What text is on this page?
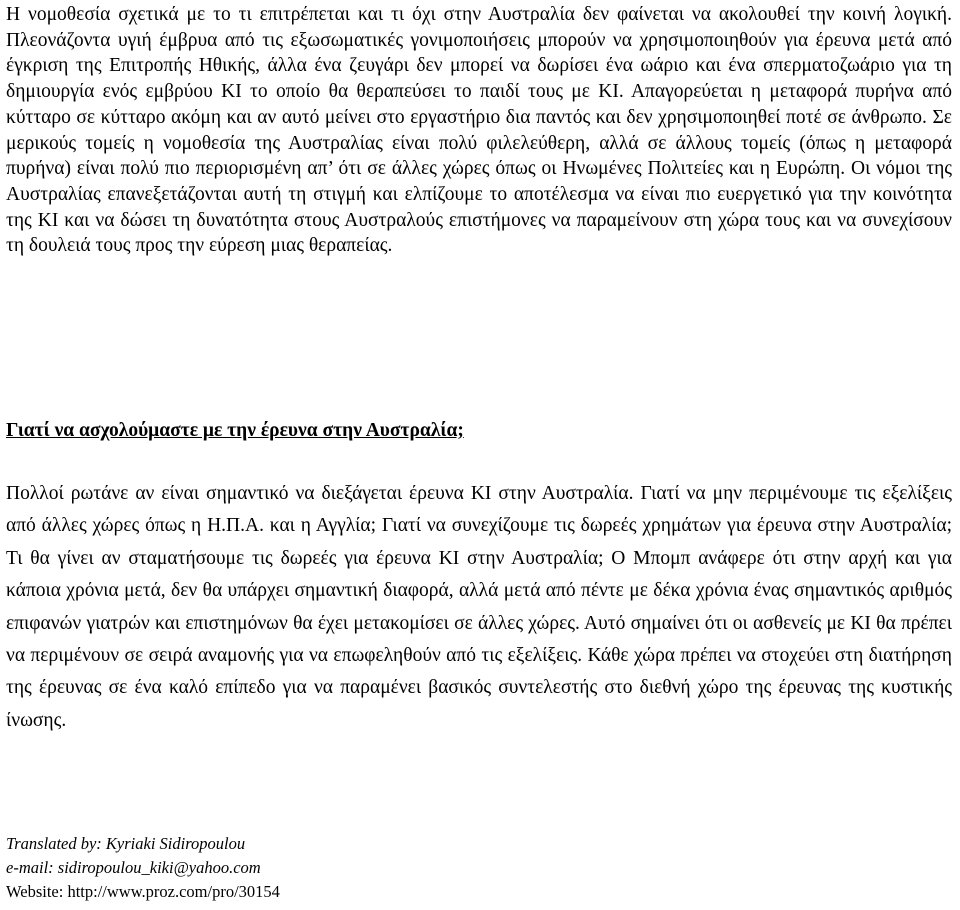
Η νομοθεσία σχετικά με το τι επιτρέπεται και τι όχι στην Αυστραλία δεν φαίνεται να ακολουθεί την κοινή λογική. Πλεονάζοντα υγιή έμβρυα από τις εξωσωματικές γονιμοποιήσεις μπορούν να χρησιμοποιηθούν για έρευνα μετά από έγκριση της Επιτροπής Ηθικής, άλλα ένα ζευγάρι δεν μπορεί να δωρίσει ένα ωάριο και ένα σπερματοζωάριο για τη δημιουργία ενός εμβρύου ΚΙ το οποίο θα θεραπεύσει το παιδί τους με ΚΙ. Απαγορεύεται η μεταφορά πυρήνα από κύτταρο σε κύτταρο ακόμη και αν αυτό μείνει στο εργαστήριο δια παντός και δεν χρησιμοποιηθεί ποτέ σε άνθρωπο. Σε μερικούς τομείς η νομοθεσία της Αυστραλίας είναι πολύ φιλελεύθερη, αλλά σε άλλους τομείς (όπως η μεταφορά πυρήνα) είναι πολύ πιο περιορισμένη απ’ ότι σε άλλες χώρες όπως οι Ηνωμένες Πολιτείες και η Ευρώπη. Οι νόμοι της Αυστραλίας επανεξετάζονται αυτή τη στιγμή και ελπίζουμε το αποτέλεσμα να είναι πιο ευεργετικό για την κοινότητα της ΚΙ και να δώσει τη δυνατότητα στους Αυστραλούς επιστήμονες να παραμείνουν στη χώρα τους και να συνεχίσουν τη δουλειά τους προς την εύρεση μιας θεραπείας.

Γιατί να ασχολούμαστε με την έρευνα στην Αυστραλία;

Πολλοί ρωτάνε αν είναι σημαντικό να διεξάγεται έρευνα ΚΙ στην Αυστραλία. Γιατί να μην περιμένουμε τις εξελίξεις από άλλες χώρες όπως η Η.Π.Α. και η Αγγλία; Γιατί να συνεχίζουμε τις δωρεές χρημάτων για έρευνα στην Αυστραλία; Τι θα γίνει αν σταματήσουμε τις δωρεές για έρευνα ΚΙ στην Αυστραλία; Ο Μπομπ ανάφερε ότι στην αρχή και για κάποια χρόνια μετά, δεν θα υπάρχει σημαντική διαφορά, αλλά μετά από πέντε με δέκα χρόνια ένας σημαντικός αριθμός επιφανών γιατρών και επιστημόνων θα έχει μετακομίσει σε άλλες χώρες. Αυτό σημαίνει ότι οι ασθενείς με ΚΙ θα πρέπει να περιμένουν σε σειρά αναμονής για να επωφεληθούν από τις εξελίξεις. Κάθε χώρα πρέπει να στοχεύει στη διατήρηση της έρευνας σε ένα καλό επίπεδο για να παραμένει βασικός συντελεστής στο διεθνή χώρο της έρευνας της κυστικής ίνωσης.

Translated by: Kyriaki Sidiropoulou
e-mail: sidiropoulou_kiki@yahoo.com
Website: http://www.proz.com/pro/30154
